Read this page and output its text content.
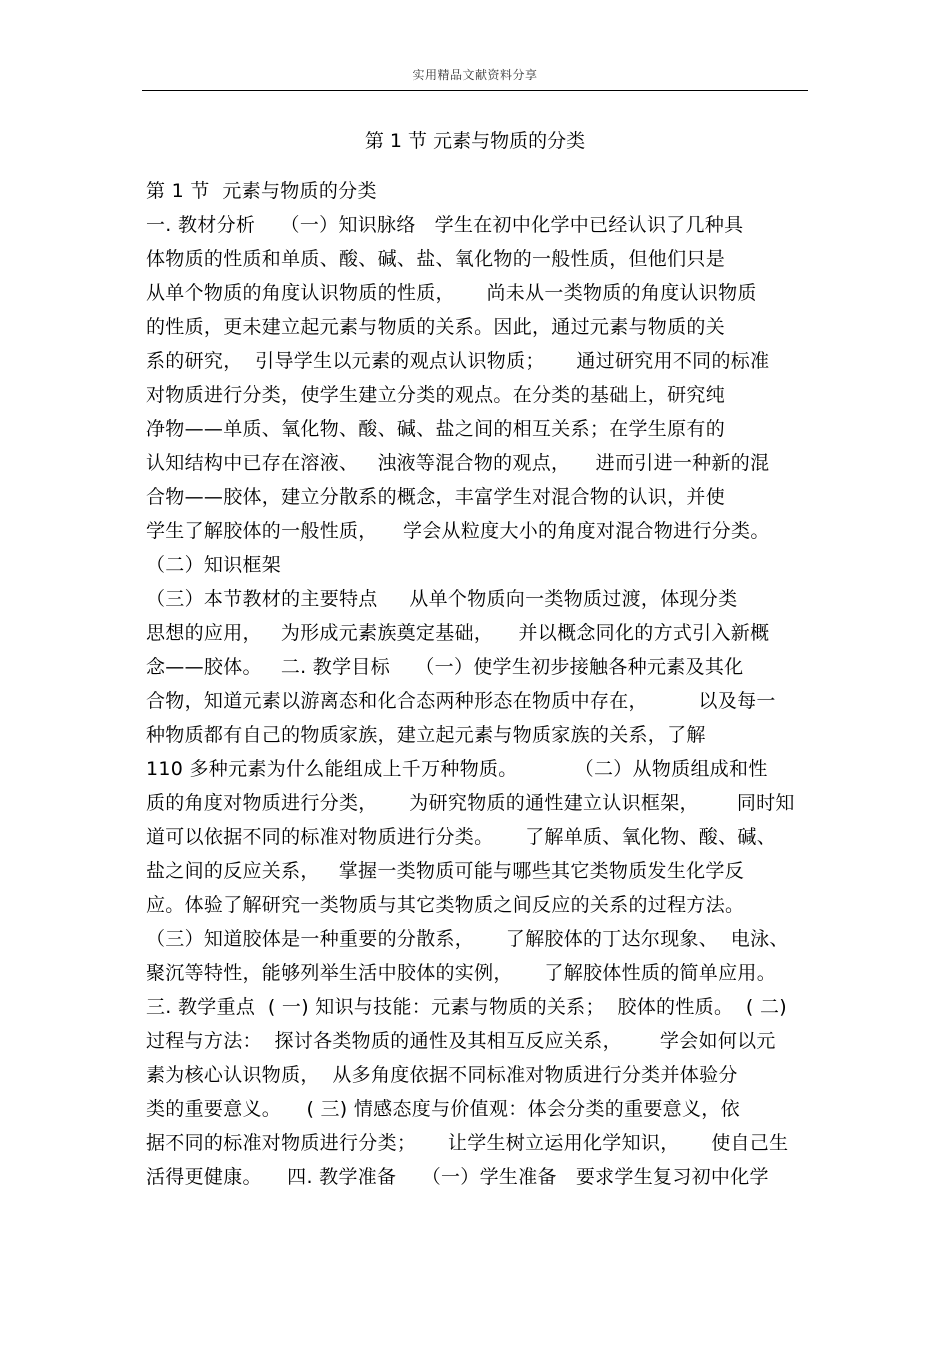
实用精品文献资料分享
第 1 节 元素与物质的分类
第 1 节  元素与物质的分类
一. 教材分析    （一）知识脉络   学生在初中化学中已经认识了几种具
体物质的性质和单质、酸、碱、盐、氧化物的一般性质，但他们只是
从单个物质的角度认识物质的性质，     尚未从一类物质的角度认识物质
的性质，更未建立起元素与物质的关系。因此，通过元素与物质的关
系的研究，  引导学生以元素的观点认识物质；     通过研究用不同的标准
对物质进行分类，使学生建立分类的观点。在分类的基础上，研究纯
净物——单质、氧化物、酸、碱、盐之间的相互关系；在学生原有的
认知结构中已存在溶液、   浊液等混合物的观点，    进而引进一种新的混
合物——胶体，建立分散系的概念，丰富学生对混合物的认识，并使
学生了解胶体的一般性质，    学会从粒度大小的角度对混合物进行分类。
（二）知识框架
（三）本节教材的主要特点     从单个物质向一类物质过渡，体现分类
思想的应用，   为形成元素族奠定基础，    并以概念同化的方式引入新概
念——胶体。   二. 教学目标    （一）使学生初步接触各种元素及其化
合物，知道元素以游离态和化合态两种形态在物质中存在，        以及每一
种物质都有自己的物质家族，建立起元素与物质家族的关系，了解
110 多种元素为什么能组成上千万种物质。         （二）从物质组成和性
质的角度对物质进行分类，     为研究物质的通性建立认识框架，      同时知
道可以依据不同的标准对物质进行分类。     了解单质、氧化物、酸、碱、
盐之间的反应关系，   掌握一类物质可能与哪些其它类物质发生化学反
应。体验了解研究一类物质与其它类物质之间反应的关系的过程方法。
（三）知道胶体是一种重要的分散系，     了解胶体的丁达尔现象、  电泳、
聚沉等特性，能够列举生活中胶体的实例，     了解胶体性质的简单应用。
三. 教学重点  ( 一) 知识与技能：元素与物质的关系；  胶体的性质。  ( 二)
过程与方法：  探讨各类物质的通性及其相互反应关系，      学会如何以元
素为核心认识物质，  从多角度依据不同标准对物质进行分类并体验分
类的重要意义。    ( 三) 情感态度与价值观：体会分类的重要意义，依
据不同的标准对物质进行分类；     让学生树立运用化学知识，     使自己生
活得更健康。    四. 教学准备    （一）学生准备   要求学生复习初中化学
